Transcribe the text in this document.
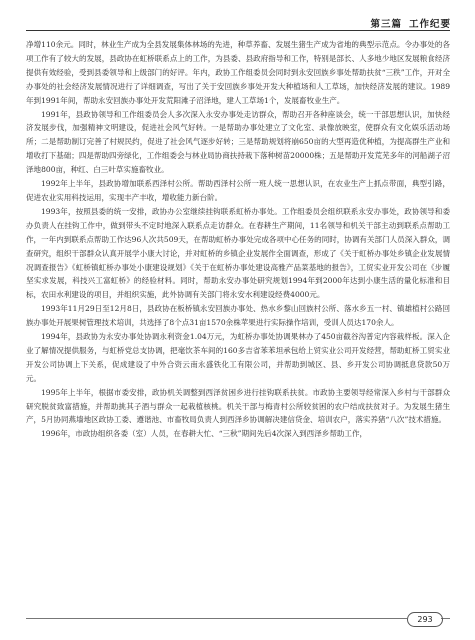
第三篇 工作纪要

净增110余元。同时，林业生产成为全县发展集体林场的先进，种草养畜、发展生猪生产成为省地的典型示范点。令办事处的各项工作有了较大的发展，县政协在虹桥联系点上的工作，为县委、县政府指导和工作，特别是部长、人多地少地区发展粮食经济提供有效经验，受到县委领导和上级部门的好评。年内，政协工作组委员会同时到永安回族乡事处帮助扶贫“三秩”工作，开对全办事处的社会经济发展情况进行了详细调查，写出了关于安回族乡事处开发大种植场和人工草场，加快经济发展的建议。1989年到1991年间，帮助永安回族办事处开发荒阳滩子沼泽地，建人工草场1个，发展畜牧业生产。

1991年，县政协领导和工作组委员会人多次深入永安办事处走访群众，帮助召开各种座谈会，统一干部思想认识，加快经济发展步伐，加强精神文明建设，促进社会风气好转。一是帮助办事处建立了文化室、录像放映室，使群众有文化娱乐活动场所；二是帮助制订完善了村规民约，促进了社会风气逐步好转；三是帮助规划将崩650亩的大型再造优种植，为提高群生产业和增收打下基础；四是帮助四旁绿化，工作组委会与林业局协商扶持栽下落种树苗20000株；五是帮助开发荒芜多年的河船湖子沼泽地800亩，种红、白三叶草实施畜牧业。

1992年上半年，县政协增加联系西泽村公所。帮助西泽村公所一班人统一思想认识，在农业生产上抓点带面，典型引路，促进农业实用科技运用，实现丰产丰收，增收能力新台阶。

1993年，按照县委的统一安排，政协办公室继续挂钩联系虹桥办事处。工作组委员会组织联系永安办事处，政协领导和委办负责人在挂钩工作中，做到带头不定时地深入联系点走访群众。在春耕生产期间，11名领导和机关干部主动到联系点帮助工作，一年内到联系点帮助工作达96人次共509天，在帮助虹桥办事处完成各项中心任务的同时，协调有关部门人员深入群众，调查研究，组织干部群众认真开展学小康大讨论，并对虹桥的乡镇企业发展作全面调查，形成了《关于虹桥办事处乡镇企业发展情况调查报告》《虹桥镇虹桥办事处小康建设规划》《关于在虹桥办事处建设高雅产品菜基地的报告》，工贸实业开发公司在《步履坚实求发展，科技兴工富虹桥》的经验材料。同时，帮助永安办事处研究规划1994年到2000年达到小康生活的量化标准和目标，农田水利建设的项目，并组织实施，此外协调有关部门将永安水利建设经费4000元。

1993年11月29日至12月8日，县政协在板桥镇永安回族办事处、热水乡黎山回族村公所、落水乡五一村、镇雄植村公路回族办事处开展果树管理技术培训，共选择了8个点31亩1570余株苹果进行实际操作培训，受训人员达170余人。

1994年，县政协为永安办事处协调永利资金1.04万元，为虹桥办事处协调果林办了450亩截谷沟普定内容栽样板。深入企业了解情况提供服务，与虹桥党总支协调，把毫饮茶车间的160多吉省苯苯坦承包给上贸实业公司开发经营，帮助虹桥工贸实业开发公司协调上下关系，促成建设了中外合资云南永盛铁化工有限公司，并帮助到城区、县、乡开发公司协调抵息贷款50万元。

1995年上半年，根据市委安排，政协机关调整到西泽贫困乡进行挂钩联系扶贫。市政协主要领导经常深入乡村与干部群众研究脱贫致富措施，并帮助挑其子酒与群众一起栽植核桃。机关干部与梅青村公所较贫困的农户结成扶贫对子。为发展生猪生产，5月协同燕墙地区政协工委、遵谐池、市畜牧局负责人到西泽乡协调解决建信贷金、培训农户，落实养猪“八次”技术措施。

1996年，市政协组织各委（室）人员，在春耕大忙、“三秋”期间先后4次深入到西泽乡帮助工作，

293
